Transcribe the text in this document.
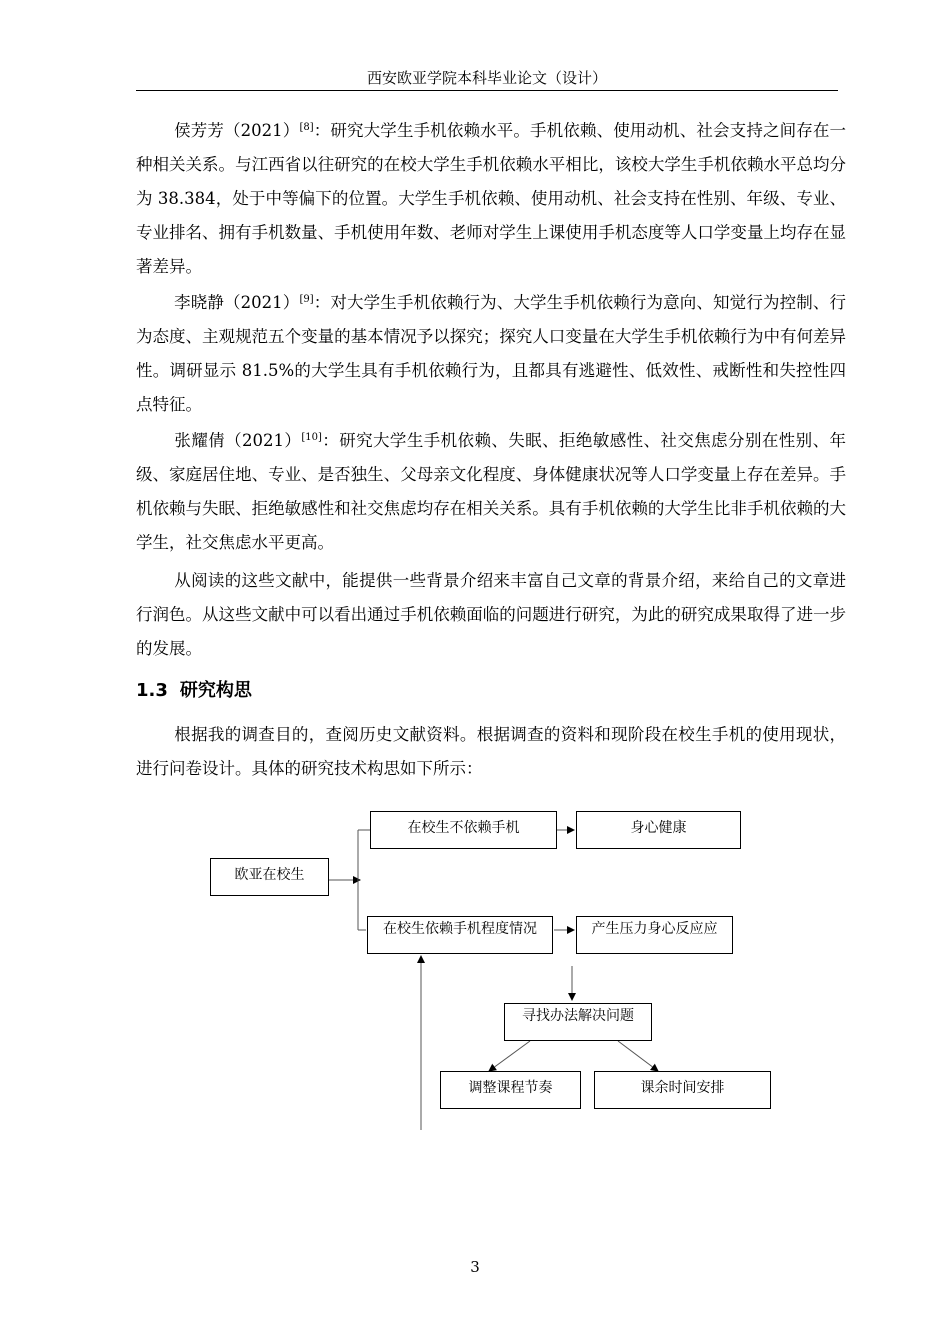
西安欧亚学院本科毕业论文（设计）

侯芳芳（2021）[8]：研究大学生手机依赖水平。手机依赖、使用动机、社会支持之间存在一种相关关系。与江西省以往研究的在校大学生手机依赖水平相比，该校大学生手机依赖水平总均分为 38.384，处于中等偏下的位置。大学生手机依赖、使用动机、社会支持在性别、年级、专业、专业排名、拥有手机数量、手机使用年数、老师对学生上课使用手机态度等人口学变量上均存在显著差异。

李晓静（2021）[9]：对大学生手机依赖行为、大学生手机依赖行为意向、知觉行为控制、行为态度、主观规范五个变量的基本情况予以探究；探究人口变量在大学生手机依赖行为中有何差异性。调研显示 81.5%的大学生具有手机依赖行为，且都具有逃避性、低效性、戒断性和失控性四点特征。

张耀倩（2021）[10]：研究大学生手机依赖、失眠、拒绝敏感性、社交焦虑分别在性别、年级、家庭居住地、专业、是否独生、父母亲文化程度、身体健康状况等人口学变量上存在差异。手机依赖与失眠、拒绝敏感性和社交焦虑均存在相关关系。具有手机依赖的大学生比非手机依赖的大学生，社交焦虑水平更高。

从阅读的这些文献中，能提供一些背景介绍来丰富自己文章的背景介绍，来给自己的文章进行润色。从这些文献中可以看出通过手机依赖面临的问题进行研究，为此的研究成果取得了进一步的发展。

1.3 研究构思

根据我的调查目的，查阅历史文献资料。根据调查的资料和现阶段在校生手机的使用现状，进行问卷设计。具体的研究技术构思如下所示：

欧亚在校生
在校生不依赖手机	身心健康
在校生依赖手机程度情况	产生压力身心反应应
寻找办法解决问题
调整课程节奏	课余时间安排
3
